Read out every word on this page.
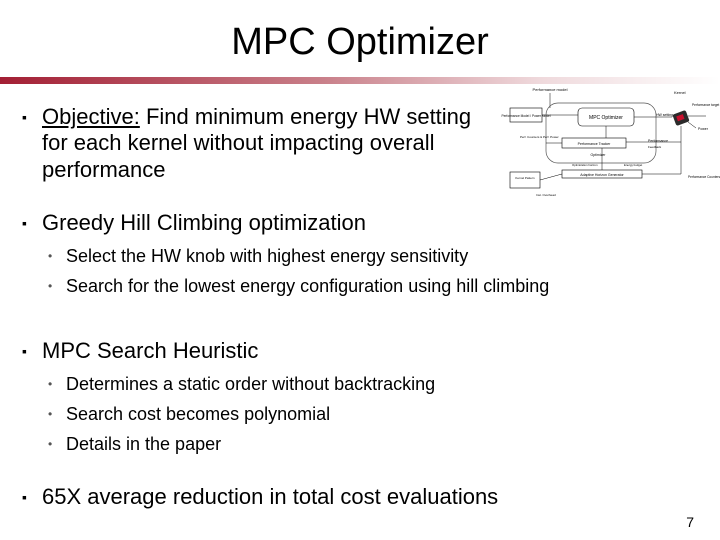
MPC Optimizer
▪ Objective: Find minimum energy HW setting
for each kernel without impacting overall
performance
▪ Greedy Hill Climbing optimization
• Select the HW knob with highest energy sensitivity
• Search for the lowest energy configuration using hill climbing
▪ MPC Search Heuristic
• Determines a static order without backtracking
• Search cost becomes polynomial
• Details in the paper
▪ 65X average reduction in total cost evaluations
Performance model
Performance Model / Power Model	MPC Optimizer
Performance Tracker
Optimizer
Perf. Counters & Perf. Power
Adaptive Horizon Generator
Optimization horizon	Energy budget
Kernel Pattern
Inst. Overhead
HW setting
Kernel
Performance target
Power
Performance
Feedback
Performance Counters
7
